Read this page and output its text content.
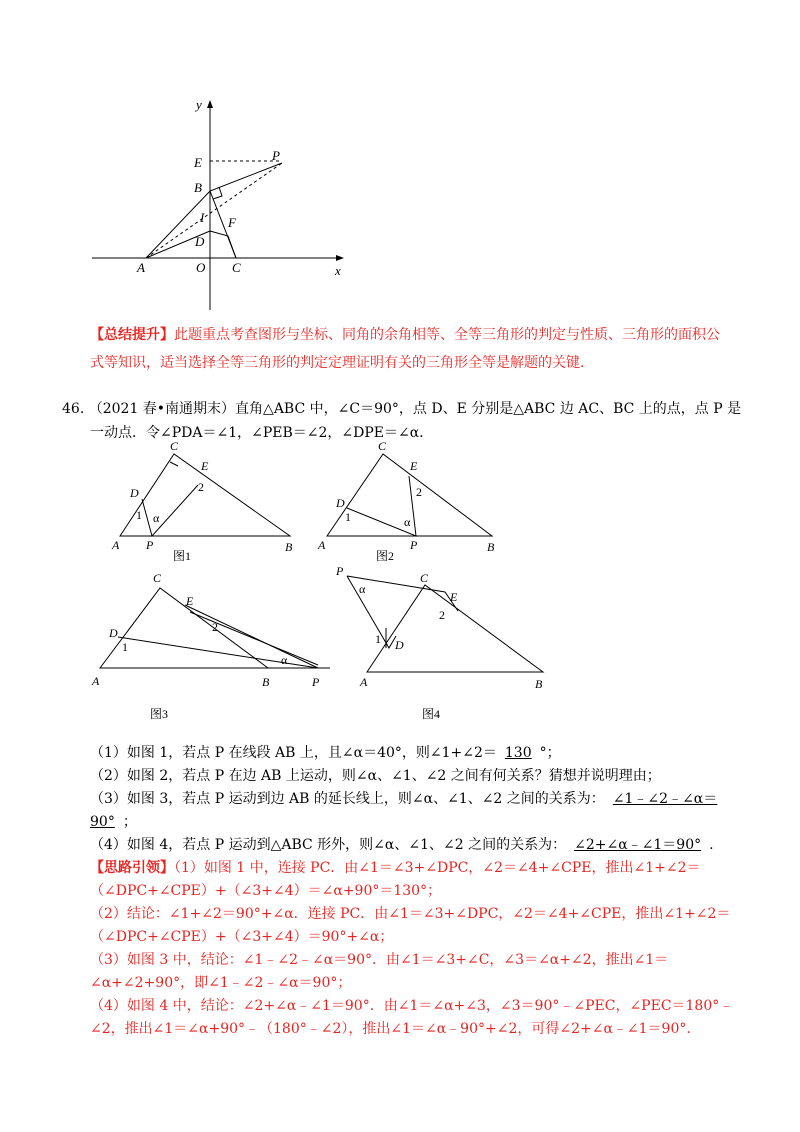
y
x
E	P
B
I F
D
A	O C
【总结提升】此题重点考查图形与坐标、同角的余角相等、全等三角形的判定与性质、三角形的面积公
式等知识，适当选择全等三角形的判定定理证明有关的三角形全等是解题的关键.
46. （2021 春•南通期末）直角△ABC 中，∠C＝90°，点 D、E 分别是△ABC 边 AC、BC 上的点，点 P 是
一动点．令∠PDA＝∠1，∠PEB＝∠2，∠DPE＝∠α．
C
E
D
A P	B
1
2
α
图1
C
E
D
A	P	B
1
2
α
图2
C
E
D
A	B	P
1
2
α
图3
P	C
E
D
A	B
1
2
α
图4
（1）如图 1，若点 P 在线段 AB 上，且∠α＝40°，则∠1+∠2＝ 130 °；
（2）如图 2，若点 P 在边 AB 上运动，则∠α、∠1、∠2 之间有何关系？猜想并说明理由；
（3）如图 3，若点 P 运动到边 AB 的延长线上，则∠α、∠1、∠2 之间的关系为： ∠1﹣∠2﹣∠α＝
90° ；
（4）如图 4，若点 P 运动到△ABC 形外，则∠α、∠1、∠2 之间的关系为： ∠2+∠α﹣∠1＝90° .
【思路引领】（1）如图 1 中，连接 PC．由∠1＝∠3+∠DPC，∠2＝∠4+∠CPE，推出∠1+∠2＝
（∠DPC+∠CPE）+（∠3+∠4）＝∠α+90°＝130°；
（2）结论：∠1+∠2＝90°+∠α．连接 PC．由∠1＝∠3+∠DPC，∠2＝∠4+∠CPE，推出∠1+∠2＝
（∠DPC+∠CPE）+（∠3+∠4）＝90°+∠α；
（3）如图 3 中，结论：∠1﹣∠2﹣∠α＝90°．由∠1＝∠3+∠C，∠3＝∠α+∠2，推出∠1＝
∠α+∠2+90°，即∠1﹣∠2﹣∠α＝90°；
（4）如图 4 中，结论：∠2+∠α﹣∠1＝90°．由∠1＝∠α+∠3，∠3＝90°﹣∠PEC，∠PEC＝180°﹣
∠2，推出∠1＝∠α+90°﹣（180°﹣∠2），推出∠1＝∠α﹣90°+∠2，可得∠2+∠α﹣∠1＝90°.
